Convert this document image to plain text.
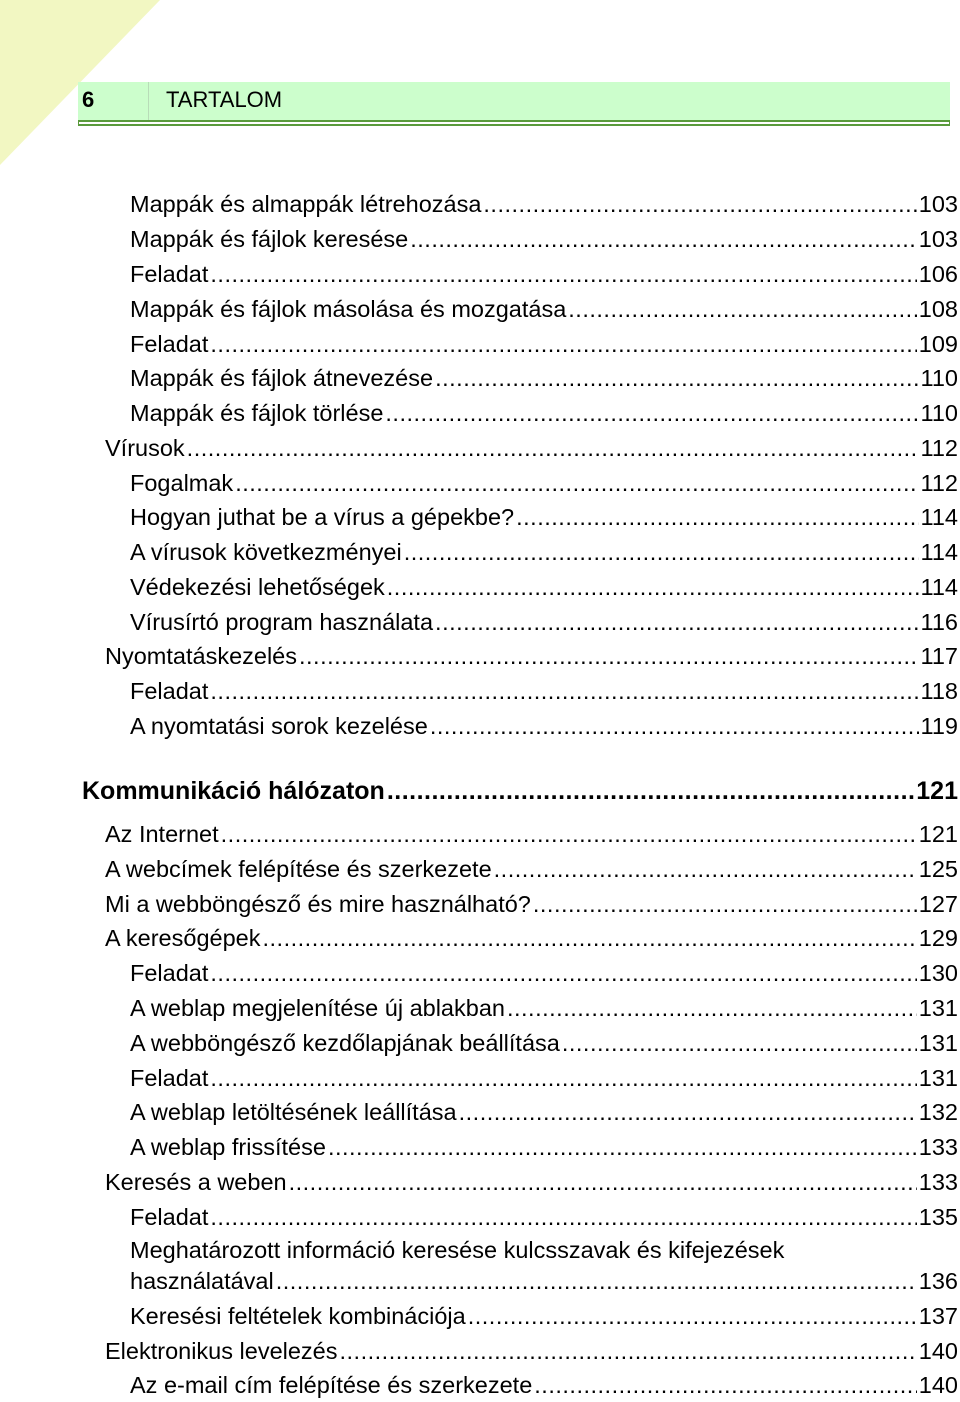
6	TARTALOM
Mappák és almappák létrehozása .....	103
Mappák és fájlok keresése .....	103
Feladat .....	106
Mappák és fájlok másolása és mozgatása .....	108
Feladat .....	109
Mappák és fájlok átnevezése .....	110
Mappák és fájlok törlése .....	110
Vírusok .....	112
Fogalmak .....	112
Hogyan juthat be a vírus a gépekbe? .....	114
A vírusok következményei .....	114
Védekezési lehetőségek .....	114
Vírusírtó program használata .....	116
Nyomtatáskezelés .....	117
Feladat .....	118
A nyomtatási sorok kezelése .....	119
Kommunikáció hálózaton .....	121
Az Internet .....	121
A webcímek felépítése és szerkezete .....	125
Mi a webböngésző és mire használható? .....	127
A keresőgépek .....	129
Feladat .....	130
A weblap megjelenítése új ablakban .....	131
A webböngésző kezdőlapjának beállítása .....	131
Feladat .....	131
A weblap letöltésének leállítása .....	132
A weblap frissítése .....	133
Keresés a weben .....	133
Feladat .....	135
Meghatározott információ keresése kulcsszavak és kifejezések
használatával .....	136
Keresési feltételek kombinációja .....	137
Elektronikus levelezés .....	140
Az e-mail cím felépítése és szerkezete .....	140
